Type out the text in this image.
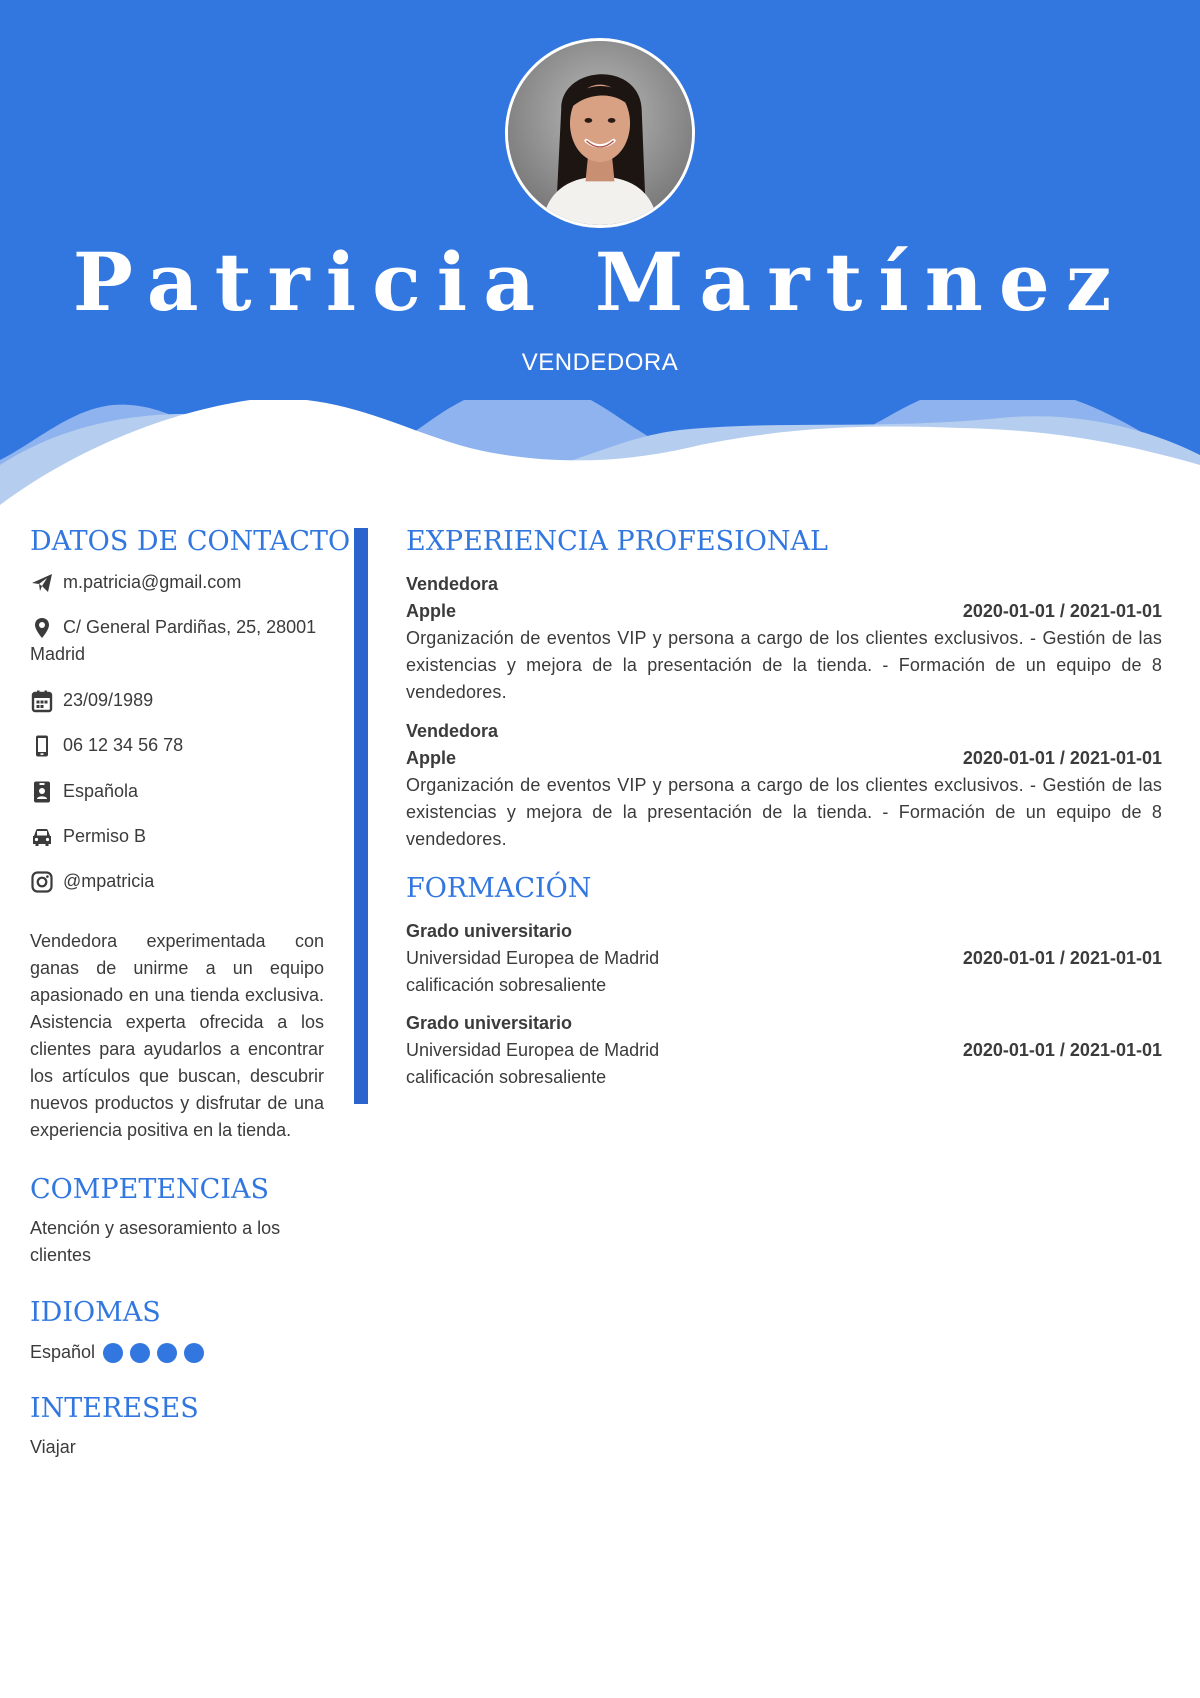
Patricia Martínez
VENDEDORA
DATOS DE CONTACTO
m.patricia@gmail.com
C/ General Pardiñas, 25, 28001
Madrid
23/09/1989
06 12 34 56 78
Española
Permiso B
@mpatricia
Vendedora experimentada con ganas de unirme a un equipo apasionado en una tienda exclusiva. Asistencia experta ofrecida a los clientes para ayudarlos a encontrar los artículos que buscan, descubrir nuevos productos y disfrutar de una experiencia positiva en la tienda.
COMPETENCIAS
Atención y asesoramiento a los clientes
IDIOMAS
Español
INTERESES
Viajar
EXPERIENCIA PROFESIONAL
Vendedora
Apple	2020-01-01 / 2021-01-01
Organización de eventos VIP y persona a cargo de los clientes exclusivos. - Gestión de las existencias y mejora de la presentación de la tienda. - Formación de un equipo de 8 vendedores.
Vendedora
Apple	2020-01-01 / 2021-01-01
Organización de eventos VIP y persona a cargo de los clientes exclusivos. - Gestión de las existencias y mejora de la presentación de la tienda. - Formación de un equipo de 8 vendedores.
FORMACIÓN
Grado universitario
Universidad Europea de Madrid	2020-01-01 / 2021-01-01
calificación sobresaliente
Grado universitario
Universidad Europea de Madrid	2020-01-01 / 2021-01-01
calificación sobresaliente
